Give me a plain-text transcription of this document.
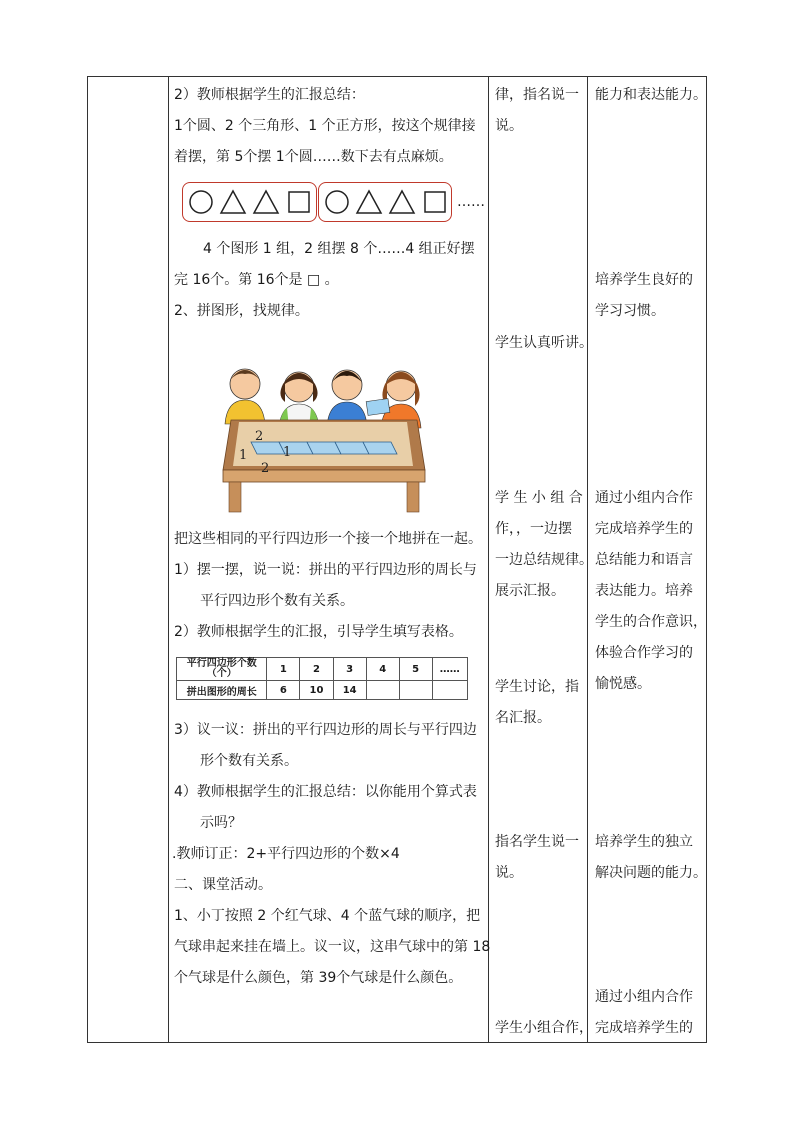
2）教师根据学生的汇报总结：

1个圆、2 个三角形、1 个正方形，按这个规律接

着摆，第 5个摆 1个圆……数下去有点麻烦。

……

4 个图形 1 组，2 组摆 8 个……4 组正好摆

完 16个。第 16个是 □ 。

2、拼图形，找规律。

2
1	1
2

把这些相同的平行四边形一个接一个地拼在一起。

1）摆一摆，说一说：拼出的平行四边形的周长与

平行四边形个数有关系。

2）教师根据学生的汇报，引导学生填写表格。

平行四边形个数（个）	1	2	3	4	5	……
拼出图形的周长	6	10	14			

3）议一议：拼出的平行四边形的周长与平行四边

形个数有关系。

4）教师根据学生的汇报总结：以你能用个算式表

示吗？

.教师订正：2+平行四边形的个数×4

二、课堂活动。

1、小丁按照 2 个红气球、4 个蓝气球的顺序，把

气球串起来挂在墙上。议一议，这串气球中的第 18

个气球是什么颜色，第 39个气球是什么颜色。

律，指名说一

说。

学生认真听讲。

学 生 小 组 合

作，，一边摆

一边总结规律。

展示汇报。

学生讨论，指

名汇报。

指名学生说一

说。

学生小组合作，

能力和表达能力。

培养学生良好的

学习习惯。

通过小组内合作

完成培养学生的

总结能力和语言

表达能力。培养

学生的合作意识，

体验合作学习的

愉悦感。

培养学生的独立

解决问题的能力。

通过小组内合作

完成培养学生的
